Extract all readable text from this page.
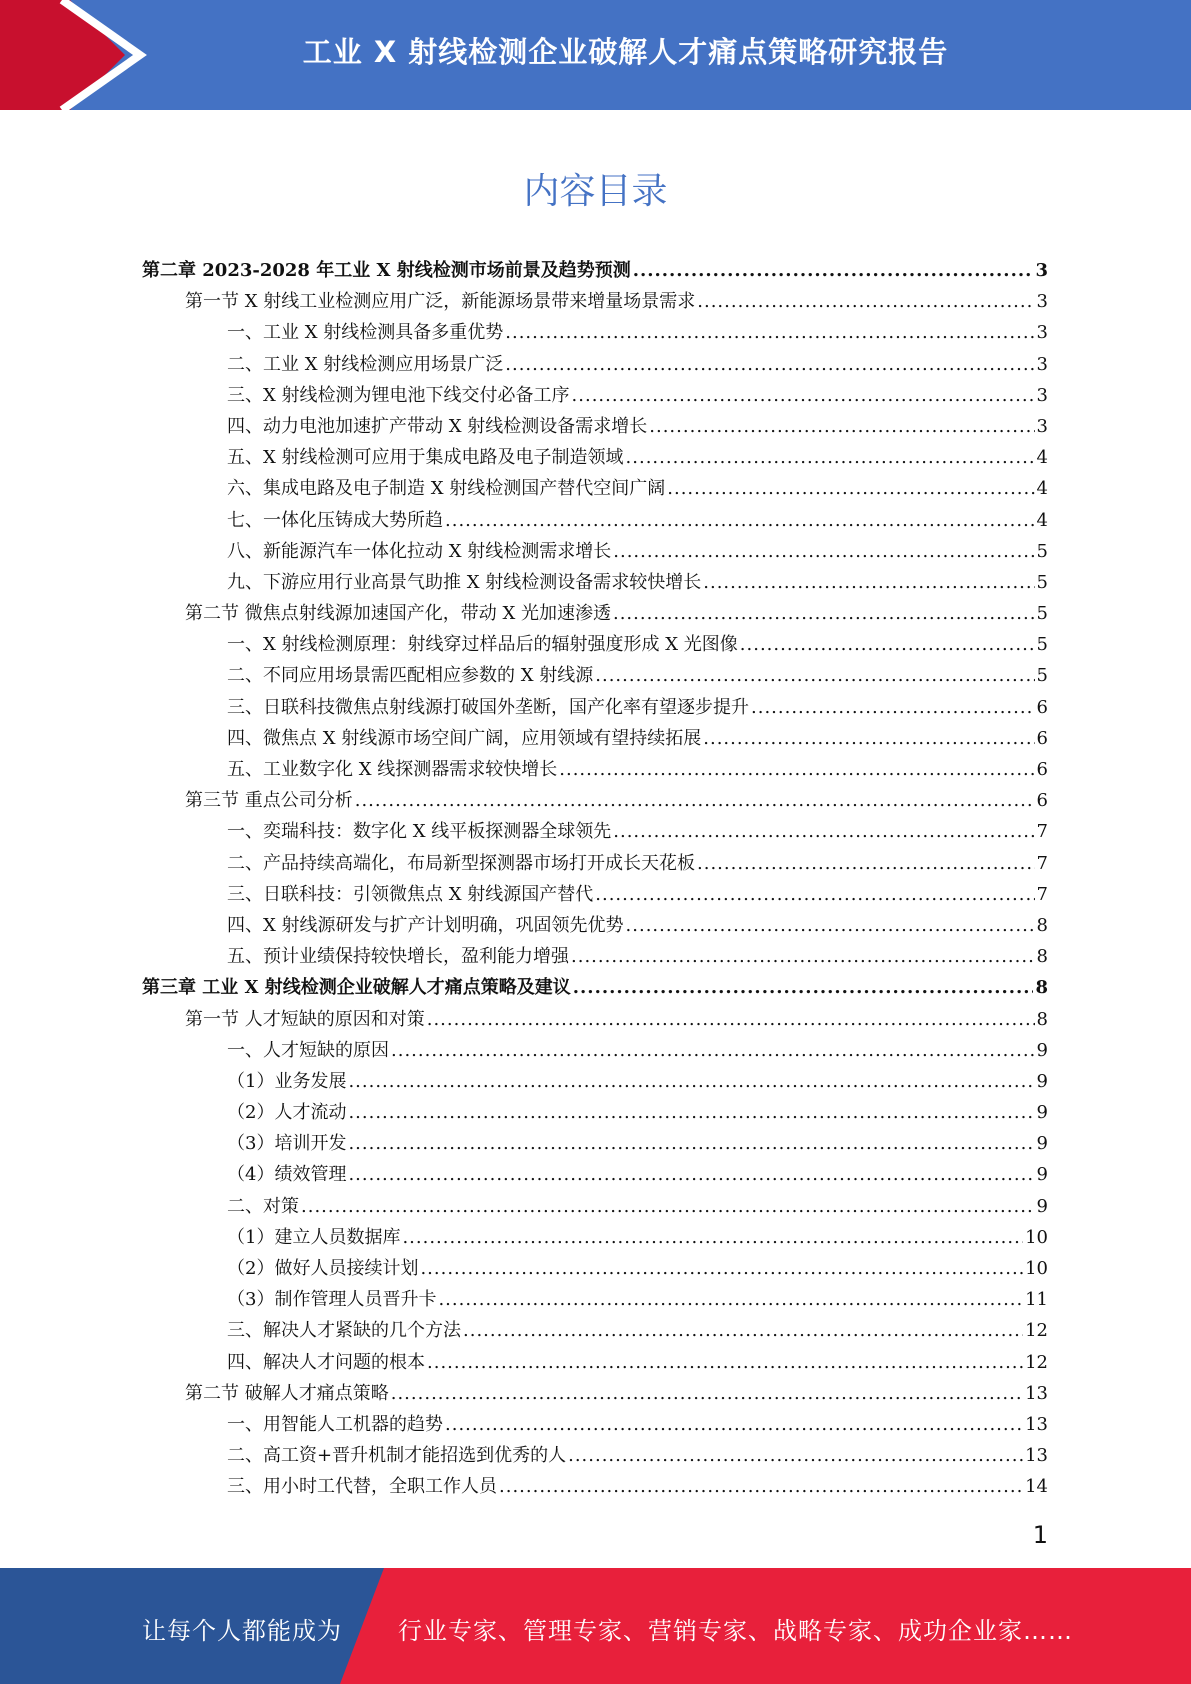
工业 X 射线检测企业破解人才痛点策略研究报告
内容目录
第二章 2023-2028 年工业 X 射线检测市场前景及趋势预测 .....	3
第一节 X 射线工业检测应用广泛，新能源场景带来增量场景需求 .....	3
一、工业 X 射线检测具备多重优势 .....	3
二、工业 X 射线检测应用场景广泛 .....	3
三、X 射线检测为锂电池下线交付必备工序 .....	3
四、动力电池加速扩产带动 X 射线检测设备需求增长 .....	3
五、X 射线检测可应用于集成电路及电子制造领域 .....	4
六、集成电路及电子制造 X 射线检测国产替代空间广阔 .....	4
七、一体化压铸成大势所趋 .....	4
八、新能源汽车一体化拉动 X 射线检测需求增长 .....	5
九、下游应用行业高景气助推 X 射线检测设备需求较快增长 .....	5
第二节 微焦点射线源加速国产化，带动 X 光加速渗透 .....	5
一、X 射线检测原理：射线穿过样品后的辐射强度形成 X 光图像 .....	5
二、不同应用场景需匹配相应参数的 X 射线源 .....	5
三、日联科技微焦点射线源打破国外垄断，国产化率有望逐步提升 .....	6
四、微焦点 X 射线源市场空间广阔，应用领域有望持续拓展 .....	6
五、工业数字化 X 线探测器需求较快增长 .....	6
第三节 重点公司分析 .....	6
一、奕瑞科技：数字化 X 线平板探测器全球领先 .....	7
二、产品持续高端化，布局新型探测器市场打开成长天花板 .....	7
三、日联科技：引领微焦点 X 射线源国产替代 .....	7
四、X 射线源研发与扩产计划明确，巩固领先优势 .....	8
五、预计业绩保持较快增长，盈利能力增强 .....	8
第三章 工业 X 射线检测企业破解人才痛点策略及建议 .....	8
第一节 人才短缺的原因和对策 .....	8
一、人才短缺的原因 .....	9
（1）业务发展 .....	9
（2）人才流动 .....	9
（3）培训开发 .....	9
（4）绩效管理 .....	9
二、对策 .....	9
（1）建立人员数据库 .....	10
（2）做好人员接续计划 .....	10
（3）制作管理人员晋升卡 .....	11
三、解决人才紧缺的几个方法 .....	12
四、解决人才问题的根本 .....	12
第二节 破解人才痛点策略 .....	13
一、用智能人工机器的趋势 .....	13
二、高工资+晋升机制才能招选到优秀的人 .....	13
三、用小时工代替，全职工作人员 .....	14
1
让每个人都能成为 行业专家、管理专家、营销专家、战略专家、成功企业家……
